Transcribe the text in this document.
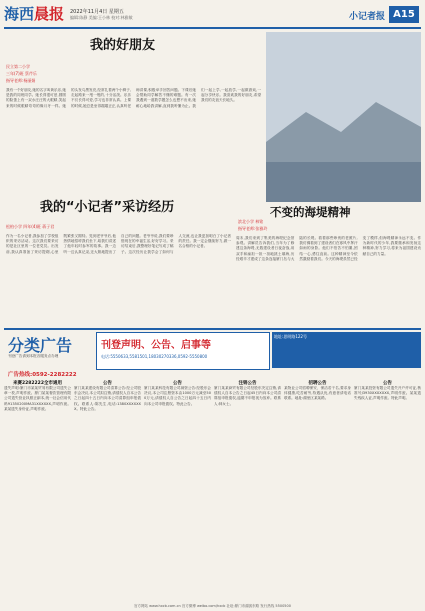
海西晨报	2022年11月4日 星期五
编辑:陈静 美编:王小林 校对:林雅敏	小记者报 A15
我的好朋友
民立第二小学
三年(7)班 蔡芹乐
指导老师:杨丽娟
我有一个好朋友,她的名字叫黄乐乐,她是我的同班同学。她长得很可爱,圆圆的脸蛋上有一双水汪汪的大眼睛,笑起来的时候眼睛弯弯的像月牙一样。她的头发乌黑发亮,经常扎着两个小辫子,走起路来一甩一甩的,十分活泼。乐乐不仅长得可爱,学习也非常认真。上课的时候,她总是坐得端端正正,认真听老师讲课,积极举手回答问题。下课后她会帮助同学解答不懂的难题。有一次我遇到一道数学题怎么也想不出来,她耐心地给我讲解,直到我听懂为止。我们一起上学,一起放学,一起做游戏,一起分享快乐。我喜欢我的好朋友,希望我们的友谊天长地久。
不变的海堤精神
滨北小学 林铭
指导老师:张雅玲
周末,我们来到了集美的海堤纪念馆参观。讲解员告诉我们,当年为了修建这条海堤,无数建设者日夜奋战,用双手和扁担一担一担地挑土填海,历经艰辛才建成了这条连接厦门岛与大陆的长堤。看着那些珍贵的老照片,我仿佛看到了建设者们在寒风中挥汗如雨的身影。他们不怕苦不怕累,团结一心,勇往直前。这种精神至今依然激励着我们。今天的海堤虽然已经变了模样,但海堤精神永远不变。作为新时代的少年,我要继承和发扬这种精神,努力学习,将来为祖国建设贡献自己的力量。
我的“小记者”采访经历
松柏小学 四年(4)班 蒋子君
作为一名小记者,我参加了学校组织的采访活动。这次我们要采访的是社区里的一位老党员。出发前,我认真准备了采访提纲,心里既紧张又期待。见到老爷爷后,他热情地招呼我们坐下,给我们讲述了他年轻时参军的故事。我一边听一边认真记录,还大胆地提出了自己的问题。老爷爷说,我们要珍惜现在的幸福生活,好好学习。采访结束后,我整理好笔记写成了稿子。这次经历让我学会了如何与人交流,也让我更加明白了小记者的责任。我一定会继续努力,做一名合格的小记者。
分类广告
刊登广告请到本报各服务点办理
刊登声明、公告、启事等
电话:5550633,5581501,18030270336,0592-5550800
地址:思明路122号
广告热线:0592-2282222
来赛2282222全市通用
遗失声明:厦门市某某贸易有限公司遗失公章一枚,声明作废。厦门某某餐饮管理有限公司遗失营业执照正副本,统一社会信用代码91350200MA31XXXXXX,声明作废。某某遗失身份证,声明作废。
公告
厦门某某建设有限公司清算公告:经公司股东会决议,本公司拟注销,请债权人自本公告之日起四十五日内向本公司清算组申报债权。联系人:陈先生,电话:1380XXXXXXX。特此公告。
公告
厦门某某科技有限公司减资公告:经股东会决议,本公司注册资本由1000万元减至500万元,请债权人自公告之日起四十五日内向本公司申报债权。特此公告。
注销公告
厦门某某商贸有限公司经股东决定注销,请债权人自本公告之日起45日内向本公司清算组申报债权,逾期不申报视为放弃。联系人:林女士。
招聘公告
某物业公司招聘保安、保洁若干名,要求身体健康,吃苦耐劳,待遇从优,有意者请电话联系。地址:湖里区某某路。
公告
厦门某某投资有限公司遗失开户许可证,核准号J3930XXXXXXX,声明作废。某某遗失残疾人证,声明作废。特此声明。
官方网站 www.hxcb.com.cn 官方微博 weibo.com/hxcb 社址:厦门市湖滨东路 发行热线 5500500
